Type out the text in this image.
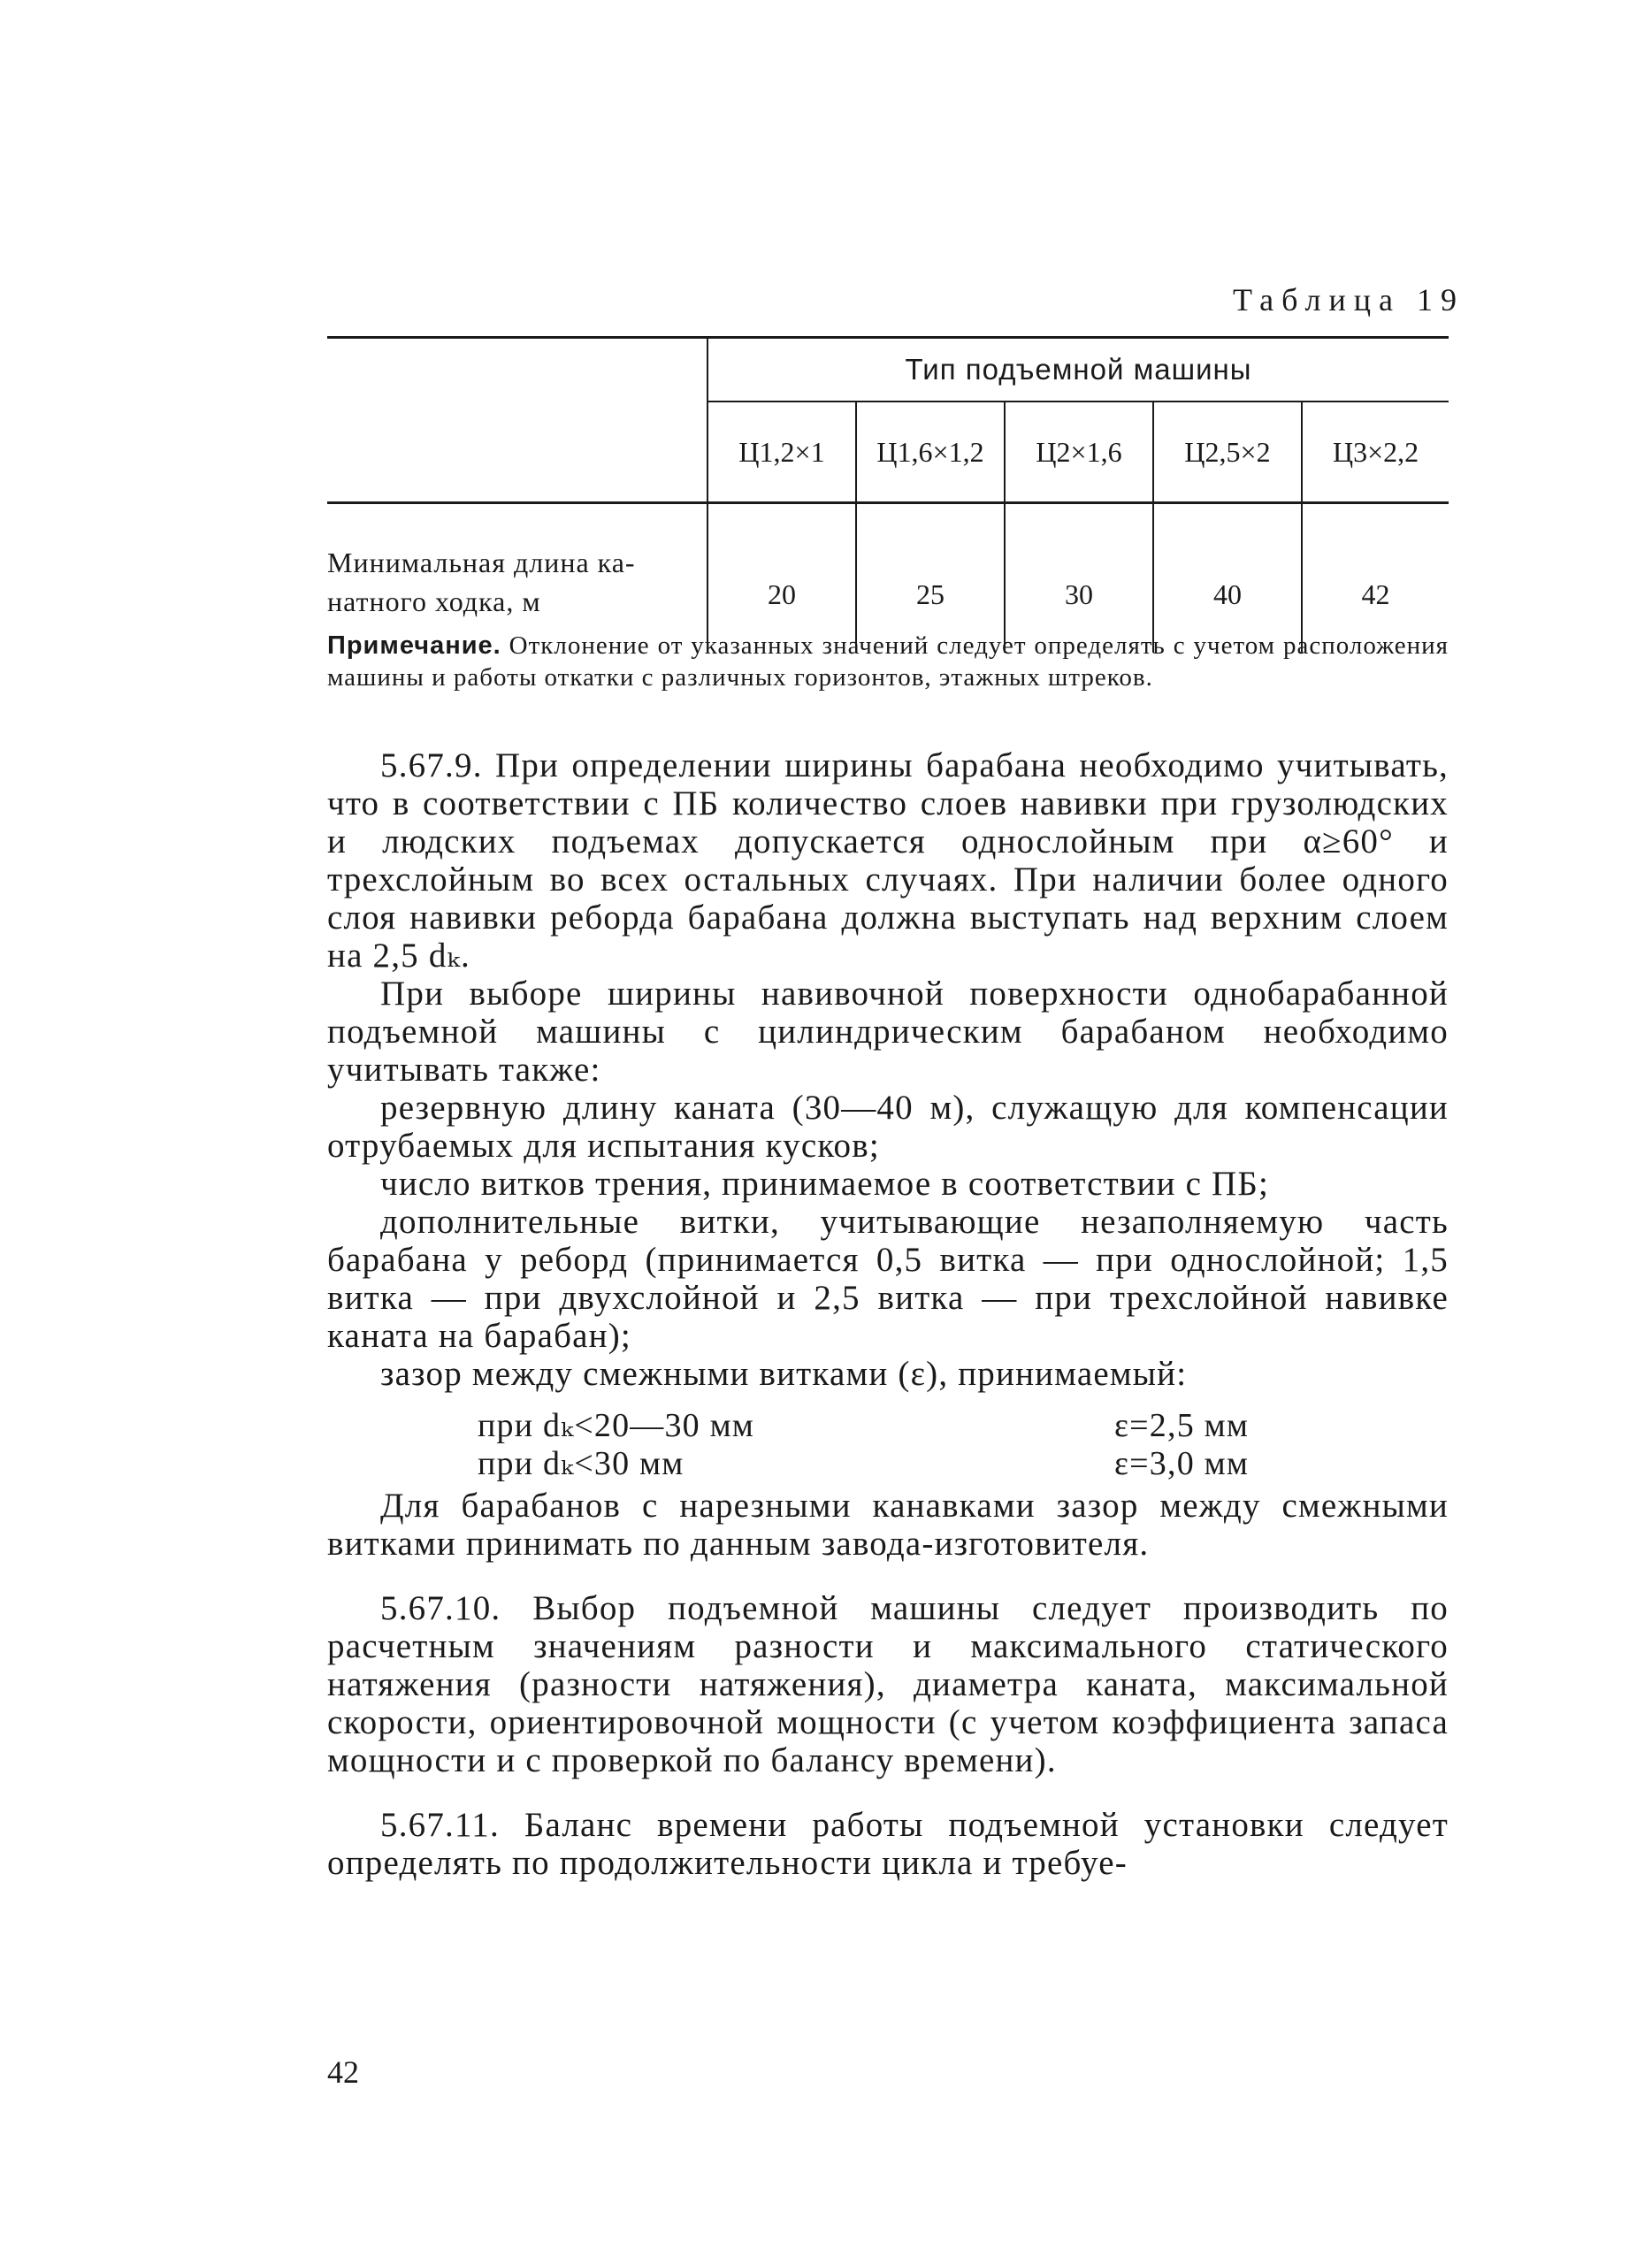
Таблица 19
	Тип подъемной машины				
	Ц1,2×1	Ц1,6×1,2	Ц2×1,6	Ц2,5×2	Ц3×2,2

Минимальная длина ка-
натного ходка, м	20	25	30	40	42
Примечание. Отклонение от указанных значений следует определять с учетом расположения машины и работы откатки с различных горизонтов, этажных штреков.

5.67.9. При определении ширины барабана необходимо учитывать, что в соответствии с ПБ количество слоев навивки при грузолюдских и людских подъемах допускается однослойным при α≥60° и трехслойным во всех остальных случаях. При наличии более одного слоя навивки реборда барабана должна выступать над верхним слоем на 2,5 dₖ.

При выборе ширины навивочной поверхности однобарабанной подъемной машины с цилиндрическим барабаном необходимо учитывать также:

резервную длину каната (30—40 м), служащую для компенсации отрубаемых для испытания кусков;

число витков трения, принимаемое в соответствии с ПБ;

дополнительные витки, учитывающие незаполняемую часть барабана у реборд (принимается 0,5 витка — при однослойной; 1,5 витка — при двухслойной и 2,5 витка — при трехслойной навивке каната на барабан);

зазор между смежными витками (ε), принимаемый:

при dₖ<20—30 мм	ε=2,5 мм
при dₖ<30 мм	ε=3,0 мм

Для барабанов с нарезными канавками зазор между смежными витками принимать по данным завода-изготовителя.

5.67.10. Выбор подъемной машины следует производить по расчетным значениям разности и максимального статического натяжения (разности натяжения), диаметра каната, максимальной скорости, ориентировочной мощности (с учетом коэффициента запаса мощности и с проверкой по балансу времени).

5.67.11. Баланс времени работы подъемной установки следует определять по продолжительности цикла и требуе-

42
